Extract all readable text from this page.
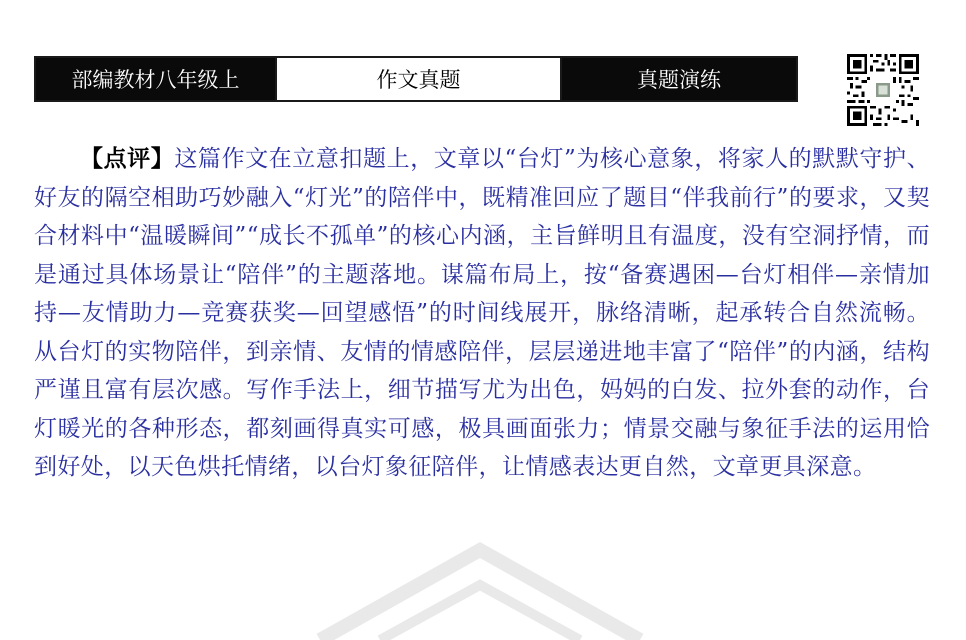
部编教材八年级上	作文真题	真题演练

【点评】这篇作文在立意扣题上，文章以“台灯”为核心意象，将家人的默默守护、好友的隔空相助巧妙融入“灯光”的陪伴中，既精准回应了题目“伴我前行”的要求，又契合材料中“温暖瞬间”“成长不孤单”的核心内涵，主旨鲜明且有温度，没有空洞抒情，而是通过具体场景让“陪伴”的主题落地。谋篇布局上，按“备赛遇困—台灯相伴—亲情加持—友情助力—竞赛获奖—回望感悟”的时间线展开，脉络清晰，起承转合自然流畅。从台灯的实物陪伴，到亲情、友情的情感陪伴，层层递进地丰富了“陪伴”的内涵，结构严谨且富有层次感。写作手法上，细节描写尤为出色，妈妈的白发、拉外套的动作，台灯暖光的各种形态，都刻画得真实可感，极具画面张力；情景交融与象征手法的运用恰到好处，以天色烘托情绪，以台灯象征陪伴，让情感表达更自然，文章更具深意。
